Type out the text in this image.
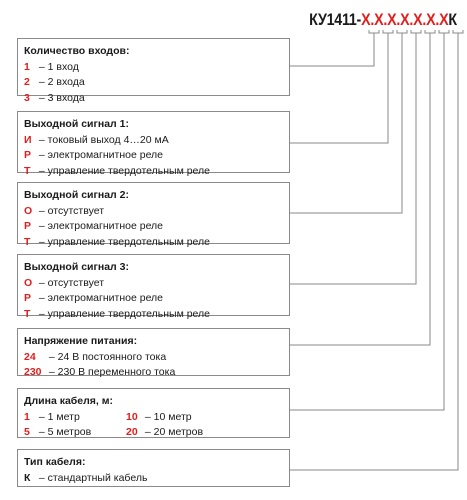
КУ1411-Х.Х.Х.Х.Х.Х.ХК
Количество входов:
1 – 1 вход
2 – 2 входа
3 – 3 входа
Выходной сигнал 1:
И – токовый выход 4…20 мА
Р – электромагнитное реле
Т – управление твердотельным реле
Выходной сигнал 2:
О – отсутствует
Р – электромагнитное реле
Т – управление твердотельным реле
Выходной сигнал 3:
О – отсутствует
Р – электромагнитное реле
Т – управление твердотельным реле
Напряжение питания:
24 – 24 В постоянного тока
230 – 230 В переменного тока
Длина кабеля, м:
1 – 1 метр	10 – 10 метр
5 – 5 метров	20 – 20 метров
Тип кабеля:
К – стандартный кабель
